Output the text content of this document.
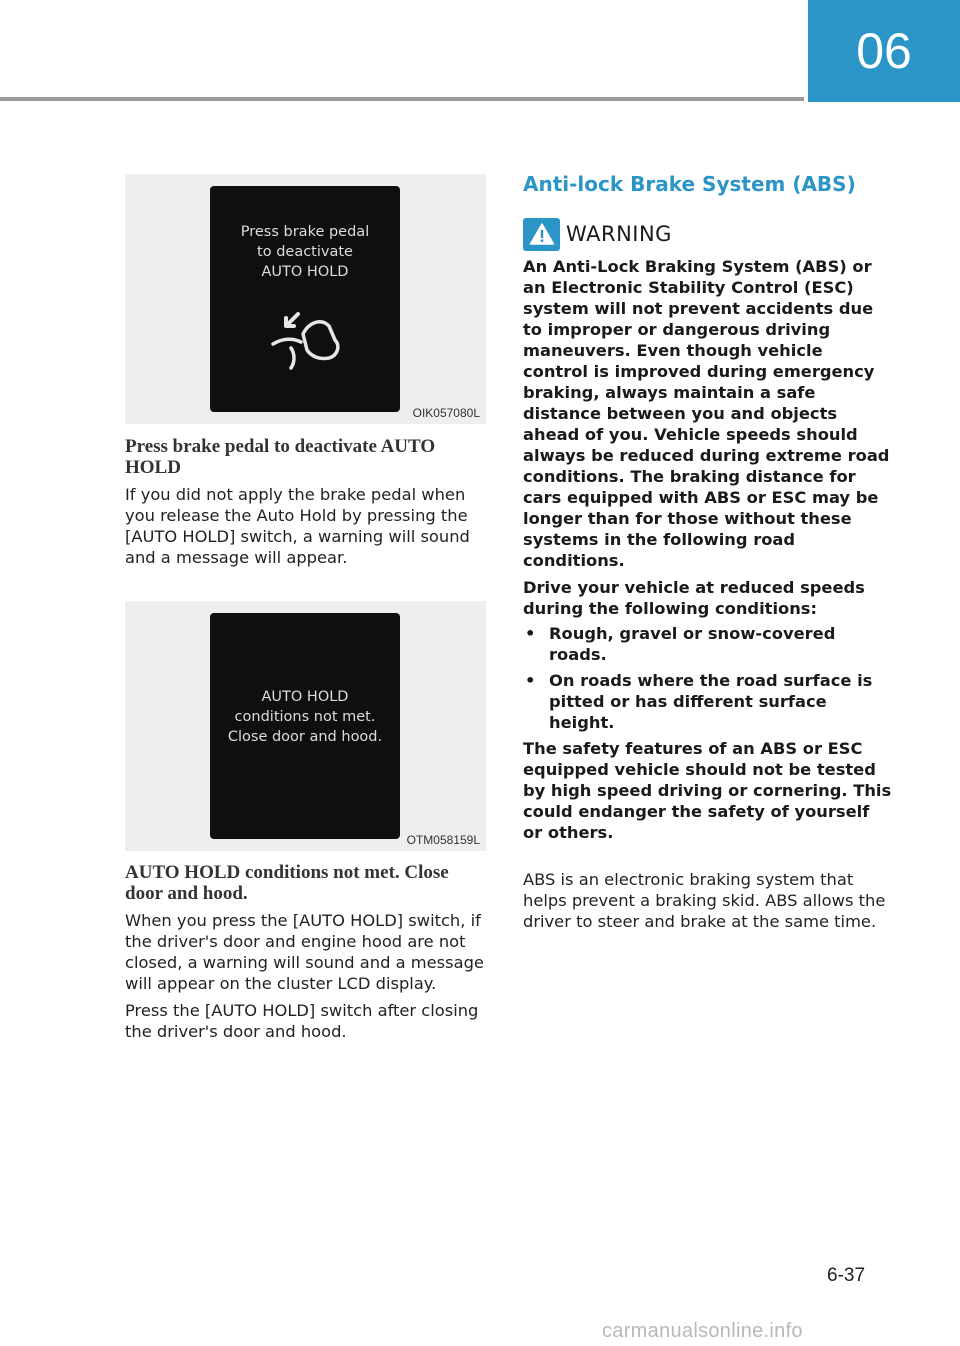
06
Press brake pedal
to deactivate
AUTO HOLD
OIK057080L

Press brake pedal to deactivate AUTO HOLD

If you did not apply the brake pedal when you release the Auto Hold by pressing the [AUTO HOLD] switch, a warning will sound and a message will appear.

AUTO HOLD
conditions not met.
Close door and hood.
OTM058159L

AUTO HOLD conditions not met. Close door and hood.

When you press the [AUTO HOLD] switch, if the driver's door and engine hood are not closed, a warning will sound and a message will appear on the cluster LCD display.

Press the [AUTO HOLD] switch after closing the driver's door and hood.

Anti-lock Brake System (ABS)
WARNING

An Anti-Lock Braking System (ABS) or an Electronic Stability Control (ESC) system will not prevent accidents due to improper or dangerous driving maneuvers. Even though vehicle control is improved during emergency braking, always maintain a safe distance between you and objects ahead of you. Vehicle speeds should always be reduced during extreme road conditions. The braking distance for cars equipped with ABS or ESC may be longer than for those without these systems in the following road conditions.

Drive your vehicle at reduced speeds during the following conditions:

• Rough, gravel or snow-covered roads.
• On roads where the road surface is pitted or has different surface height.

The safety features of an ABS or ESC equipped vehicle should not be tested by high speed driving or cornering. This could endanger the safety of yourself or others.

ABS is an electronic braking system that helps prevent a braking skid. ABS allows the driver to steer and brake at the same time.

6-37
carmanualsonline.info
